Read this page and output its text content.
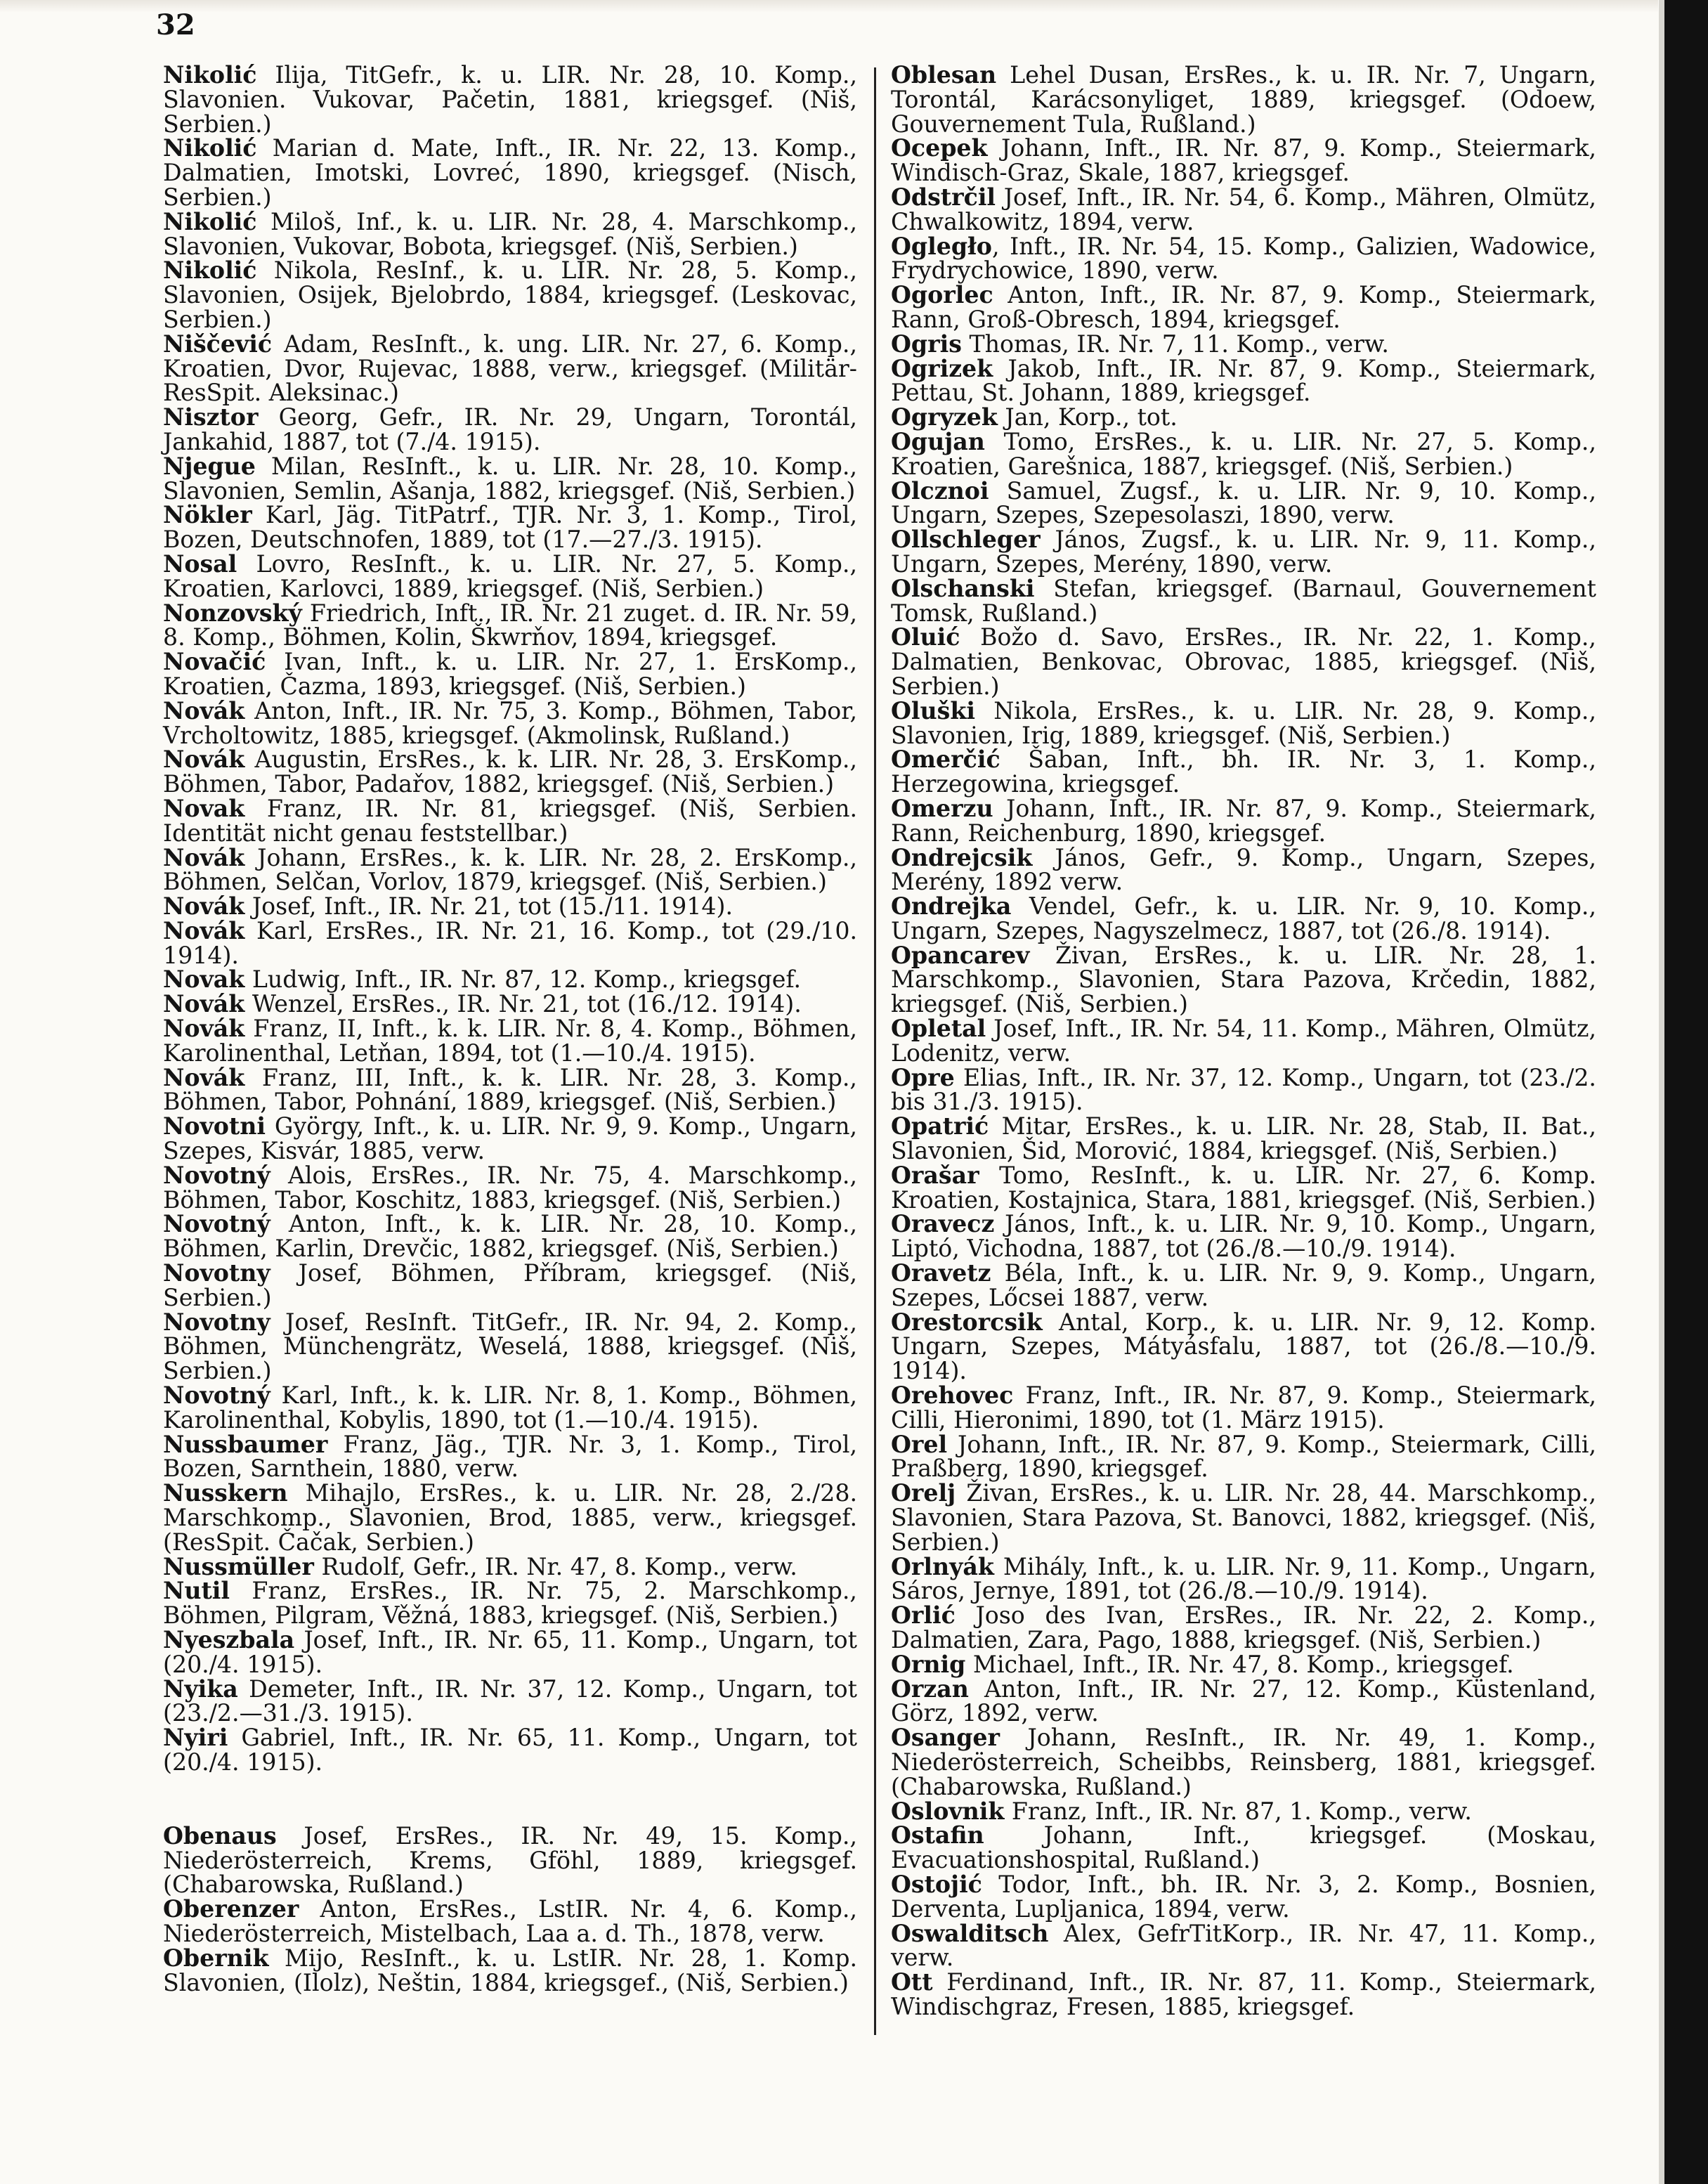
32

Nikolić Ilija, TitGefr., k. u. LIR. Nr. 28, 10. Komp., Slavonien. Vukovar, Pačetin, 1881, kriegsgef. (Niš, Serbien.)

Nikolić Marian d. Mate, Inft., IR. Nr. 22, 13. Komp., Dalmatien, Imotski, Lovreć, 1890, kriegsgef. (Nisch, Serbien.)

Nikolić Miloš, Inf., k. u. LIR. Nr. 28, 4. Marschkomp., Slavonien, Vukovar, Bobota, kriegsgef. (Niš, Serbien.)

Nikolić Nikola, ResInf., k. u. LIR. Nr. 28, 5. Komp., Slavonien, Osijek, Bjelobrdo, 1884, kriegsgef. (Leskovac, Serbien.)

Niščević Adam, ResInft., k. ung. LIR. Nr. 27, 6. Komp., Kroatien, Dvor, Rujevac, 1888, verw., kriegsgef. (Militär-ResSpit. Aleksinac.)

Nisztor Georg, Gefr., IR. Nr. 29, Ungarn, Torontál, Jankahid, 1887, tot (7./4. 1915).

Njegue Milan, ResInft., k. u. LIR. Nr. 28, 10. Komp., Slavonien, Semlin, Ašanja, 1882, kriegsgef. (Niš, Serbien.)

Nökler Karl, Jäg. TitPatrf., TJR. Nr. 3, 1. Komp., Tirol, Bozen, Deutschnofen, 1889, tot (17.—27./3. 1915).

Nosal Lovro, ResInft., k. u. LIR. Nr. 27, 5. Komp., Kroatien, Karlovci, 1889, kriegsgef. (Niš, Serbien.)

Nonzovský Friedrich, Inft., IR. Nr. 21 zuget. d. IR. Nr. 59, 8. Komp., Böhmen, Kolin, Škwrňov, 1894, kriegsgef.

Novačić Ivan, Inft., k. u. LIR. Nr. 27, 1. ErsKomp., Kroatien, Čazma, 1893, kriegsgef. (Niš, Serbien.)

Novák Anton, Inft., IR. Nr. 75, 3. Komp., Böhmen, Tabor, Vrcholtowitz, 1885, kriegsgef. (Akmolinsk, Rußland.)

Novák Augustin, ErsRes., k. k. LIR. Nr. 28, 3. ErsKomp., Böhmen, Tabor, Padařov, 1882, kriegsgef. (Niš, Serbien.)

Novak Franz, IR. Nr. 81, kriegsgef. (Niš, Serbien. Identität nicht genau feststellbar.)

Novák Johann, ErsRes., k. k. LIR. Nr. 28, 2. ErsKomp., Böhmen, Selčan, Vorlov, 1879, kriegsgef. (Niš, Serbien.)

Novák Josef, Inft., IR. Nr. 21, tot (15./11. 1914).

Novák Karl, ErsRes., IR. Nr. 21, 16. Komp., tot (29./10. 1914).

Novak Ludwig, Inft., IR. Nr. 87, 12. Komp., kriegsgef.

Novák Wenzel, ErsRes., IR. Nr. 21, tot (16./12. 1914).

Novák Franz, II, Inft., k. k. LIR. Nr. 8, 4. Komp., Böhmen, Karolinenthal, Letňan, 1894, tot (1.—10./4. 1915).

Novák Franz, III, Inft., k. k. LIR. Nr. 28, 3. Komp., Böhmen, Tabor, Pohnání, 1889, kriegsgef. (Niš, Serbien.)

Novotni György, Inft., k. u. LIR. Nr. 9, 9. Komp., Ungarn, Szepes, Kisvár, 1885, verw.

Novotný Alois, ErsRes., IR. Nr. 75, 4. Marschkomp., Böhmen, Tabor, Koschitz, 1883, kriegsgef. (Niš, Serbien.)

Novotný Anton, Inft., k. k. LIR. Nr. 28, 10. Komp., Böhmen, Karlin, Drevčic, 1882, kriegsgef. (Niš, Serbien.)

Novotny Josef, Böhmen, Příbram, kriegsgef. (Niš, Serbien.)

Novotny Josef, ResInft. TitGefr., IR. Nr. 94, 2. Komp., Böhmen, Münchengrätz, Weselá, 1888, kriegsgef. (Niš, Serbien.)

Novotný Karl, Inft., k. k. LIR. Nr. 8, 1. Komp., Böhmen, Karolinenthal, Kobylis, 1890, tot (1.—10./4. 1915).

Nussbaumer Franz, Jäg., TJR. Nr. 3, 1. Komp., Tirol, Bozen, Sarnthein, 1880, verw.

Nusskern Mihajlo, ErsRes., k. u. LIR. Nr. 28, 2./28. Marschkomp., Slavonien, Brod, 1885, verw., kriegsgef. (ResSpit. Čačak, Serbien.)

Nussmüller Rudolf, Gefr., IR. Nr. 47, 8. Komp., verw.

Nutil Franz, ErsRes., IR. Nr. 75, 2. Marschkomp., Böhmen, Pilgram, Věžná, 1883, kriegsgef. (Niš, Serbien.)

Nyeszbala Josef, Inft., IR. Nr. 65, 11. Komp., Ungarn, tot (20./4. 1915).

Nyika Demeter, Inft., IR. Nr. 37, 12. Komp., Ungarn, tot (23./2.—31./3. 1915).

Nyiri Gabriel, Inft., IR. Nr. 65, 11. Komp., Ungarn, tot (20./4. 1915).

Obenaus Josef, ErsRes., IR. Nr. 49, 15. Komp., Niederösterreich, Krems, Gföhl, 1889, kriegsgef. (Chabarowska, Rußland.)

Oberenzer Anton, ErsRes., LstIR. Nr. 4, 6. Komp., Niederösterreich, Mistelbach, Laa a. d. Th., 1878, verw.

Obernik Mijo, ResInft., k. u. LstIR. Nr. 28, 1. Komp. Slavonien, (Ilolz), Neštin, 1884, kriegsgef., (Niš, Serbien.)

Oblesan Lehel Dusan, ErsRes., k. u. IR. Nr. 7, Ungarn, Torontál, Karácsonyliget, 1889, kriegsgef. (Odoew, Gouvernement Tula, Rußland.)

Ocepek Johann, Inft., IR. Nr. 87, 9. Komp., Steiermark, Windisch-Graz, Skale, 1887, kriegsgef.

Odstrčil Josef, Inft., IR. Nr. 54, 6. Komp., Mähren, Olmütz, Chwalkowitz, 1894, verw.

Ogległo, Inft., IR. Nr. 54, 15. Komp., Galizien, Wadowice, Frydrychowice, 1890, verw.

Ogorlec Anton, Inft., IR. Nr. 87, 9. Komp., Steiermark, Rann, Groß-Obresch, 1894, kriegsgef.

Ogris Thomas, IR. Nr. 7, 11. Komp., verw.

Ogrizek Jakob, Inft., IR. Nr. 87, 9. Komp., Steiermark, Pettau, St. Johann, 1889, kriegsgef.

Ogryzek Jan, Korp., tot.

Ogujan Tomo, ErsRes., k. u. LIR. Nr. 27, 5. Komp., Kroatien, Garešnica, 1887, kriegsgef. (Niš, Serbien.)

Olcznoi Samuel, Zugsf., k. u. LIR. Nr. 9, 10. Komp., Ungarn, Szepes, Szepesolaszi, 1890, verw.

Ollschleger János, Zugsf., k. u. LIR. Nr. 9, 11. Komp., Ungarn, Szepes, Merény, 1890, verw.

Olschanski Stefan, kriegsgef. (Barnaul, Gouvernement Tomsk, Rußland.)

Oluić Božo d. Savo, ErsRes., IR. Nr. 22, 1. Komp., Dalmatien, Benkovac, Obrovac, 1885, kriegsgef. (Niš, Serbien.)

Oluški Nikola, ErsRes., k. u. LIR. Nr. 28, 9. Komp., Slavonien, Irig, 1889, kriegsgef. (Niš, Serbien.)

Omerčić Šaban, Inft., bh. IR. Nr. 3, 1. Komp., Herzegowina, kriegsgef.

Omerzu Johann, Inft., IR. Nr. 87, 9. Komp., Steiermark, Rann, Reichenburg, 1890, kriegsgef.

Ondrejcsik János, Gefr., 9. Komp., Ungarn, Szepes, Merény, 1892 verw.

Ondrejka Vendel, Gefr., k. u. LIR. Nr. 9, 10. Komp., Ungarn, Szepes, Nagyszelmecz, 1887, tot (26./8. 1914).

Opancarev Živan, ErsRes., k. u. LIR. Nr. 28, 1. Marschkomp., Slavonien, Stara Pazova, Krčedin, 1882, kriegsgef. (Niš, Serbien.)

Opletal Josef, Inft., IR. Nr. 54, 11. Komp., Mähren, Olmütz, Lodenitz, verw.

Opre Elias, Inft., IR. Nr. 37, 12. Komp., Ungarn, tot (23./2. bis 31./3. 1915).

Opatrić Mitar, ErsRes., k. u. LIR. Nr. 28, Stab, II. Bat., Slavonien, Šid, Morović, 1884, kriegsgef. (Niš, Serbien.)

Orašar Tomo, ResInft., k. u. LIR. Nr. 27, 6. Komp. Kroatien, Kostajnica, Stara, 1881, kriegsgef. (Niš, Serbien.)

Oravecz János, Inft., k. u. LIR. Nr. 9, 10. Komp., Ungarn, Liptó, Vichodna, 1887, tot (26./8.—10./9. 1914).

Oravetz Béla, Inft., k. u. LIR. Nr. 9, 9. Komp., Ungarn, Szepes, Lőcsei 1887, verw.

Orestorcsik Antal, Korp., k. u. LIR. Nr. 9, 12. Komp. Ungarn, Szepes, Mátyásfalu, 1887, tot (26./8.—10./9. 1914).

Orehovec Franz, Inft., IR. Nr. 87, 9. Komp., Steiermark, Cilli, Hieronimi, 1890, tot (1. März 1915).

Orel Johann, Inft., IR. Nr. 87, 9. Komp., Steiermark, Cilli, Praßberg, 1890, kriegsgef.

Orelj Živan, ErsRes., k. u. LIR. Nr. 28, 44. Marschkomp., Slavonien, Stara Pazova, St. Banovci, 1882, kriegsgef. (Niš, Serbien.)

Orlnyák Mihály, Inft., k. u. LIR. Nr. 9, 11. Komp., Ungarn, Sáros, Jernye, 1891, tot (26./8.—10./9. 1914).

Orlić Joso des Ivan, ErsRes., IR. Nr. 22, 2. Komp., Dalmatien, Zara, Pago, 1888, kriegsgef. (Niš, Serbien.)

Ornig Michael, Inft., IR. Nr. 47, 8. Komp., kriegsgef.

Orzan Anton, Inft., IR. Nr. 27, 12. Komp., Küstenland, Görz, 1892, verw.

Osanger Johann, ResInft., IR. Nr. 49, 1. Komp., Niederösterreich, Scheibbs, Reinsberg, 1881, kriegsgef. (Chabarowska, Rußland.)

Oslovnik Franz, Inft., IR. Nr. 87, 1. Komp., verw.

Ostafin Johann, Inft., kriegsgef. (Moskau, Evacuationshospital, Rußland.)

Ostojić Todor, Inft., bh. IR. Nr. 3, 2. Komp., Bosnien, Derventa, Lupljanica, 1894, verw.

Oswalditsch Alex, GefrTitKorp., IR. Nr. 47, 11. Komp., verw.

Ott Ferdinand, Inft., IR. Nr. 87, 11. Komp., Steiermark, Windischgraz, Fresen, 1885, kriegsgef.
